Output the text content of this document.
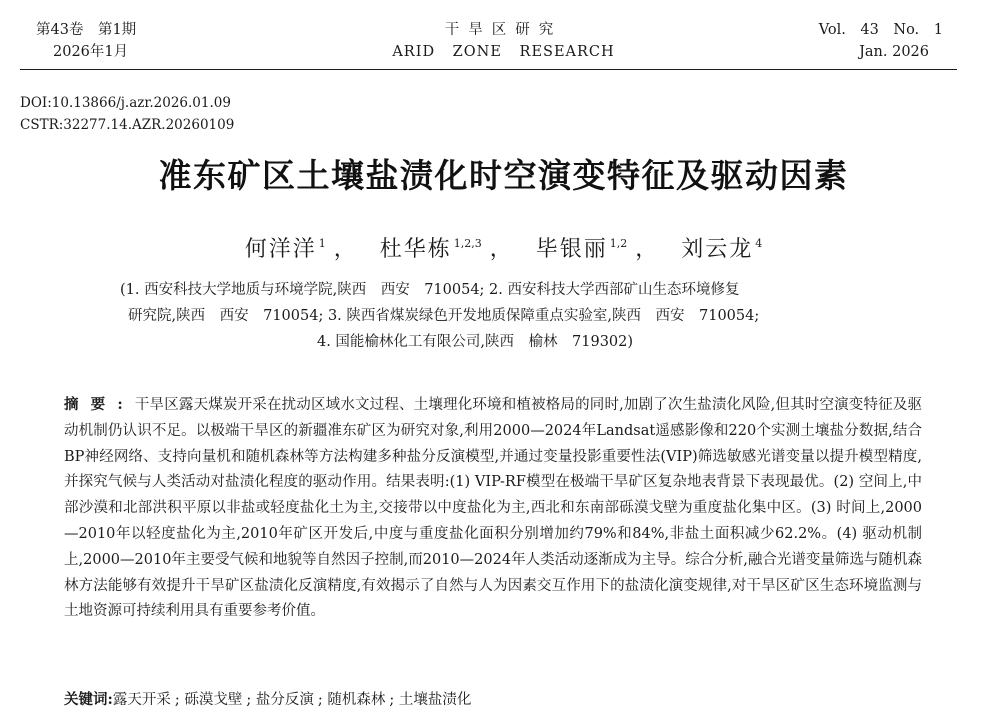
第43卷　第1期
2026年1月
干旱区研究
ARID ZONE RESEARCH
Vol. 43　No. 1
Jan. 2026
DOI:10.13866/j.azr.2026.01.09
CSTR:32277.14.AZR.20260109
准东矿区土壤盐渍化时空演变特征及驱动因素
何洋洋 $^1$ ， 杜华栋 $^{1,2,3}$ ， 毕银丽 $^{1,2}$ ， 刘云龙 $^4$
(1. 西安科技大学地质与环境学院,陕西　西安　710054; 2. 西安科技大学西部矿山生态环境修复
研究院,陕西　西安　710054; 3. 陕西省煤炭绿色开发地质保障重点实验室,陕西　西安　710054;
4. 国能榆林化工有限公司,陕西　榆林　719302)
摘要:干旱区露天煤炭开采在扰动区域水文过程、土壤理化环境和植被格局的同时,加剧了次生盐渍化风险,但其时空演变特征及驱动机制仍认识不足。以极端干旱区的新疆准东矿区为研究对象,利用2000—2024年Landsat遥感影像和220个实测土壤盐分数据,结合BP神经网络、支持向量机和随机森林等方法构建多种盐分反演模型,并通过变量投影重要性法(VIP)筛选敏感光谱变量以提升模型精度,并探究气候与人类活动对盐渍化程度的驱动作用。结果表明:(1) VIP-RF模型在极端干旱矿区复杂地表背景下表现最优。(2) 空间上,中部沙漠和北部洪积平原以非盐或轻度盐化土为主,交接带以中度盐化为主,西北和东南部砾漠戈壁为重度盐化集中区。(3) 时间上,2000—2010年以轻度盐化为主,2010年矿区开发后,中度与重度盐化面积分别增加约79%和84%,非盐土面积减少62.2%。(4) 驱动机制上,2000—2010年主要受气候和地貌等自然因子控制,而2010—2024年人类活动逐渐成为主导。综合分析,融合光谱变量筛选与随机森林方法能够有效提升干旱矿区盐渍化反演精度,有效揭示了自然与人为因素交互作用下的盐渍化演变规律,对干旱区矿区生态环境监测与土地资源可持续利用具有重要参考价值。
关键词:露天开采 ; 砾漠戈壁 ; 盐分反演 ; 随机森林 ; 土壤盐渍化
